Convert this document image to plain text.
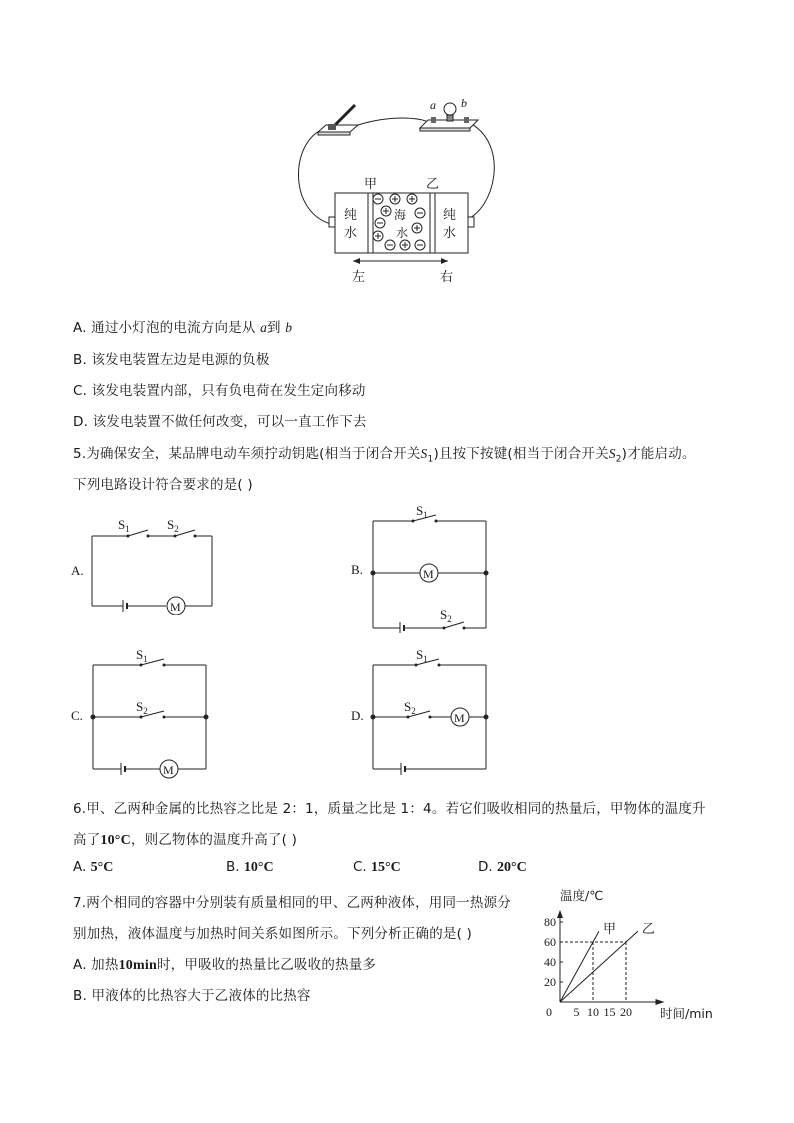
a b
甲	乙
纯
水
纯
水
海
水
左	右
A. 通过小灯泡的电流方向是从 a到 b
B. 该发电装置左边是电源的负极
C. 该发电装置内部，只有负电荷在发生定向移动
D. 该发电装置不做任何改变，可以一直工作下去
5.为确保安全，某品牌电动车须拧动钥匙(相当于闭合开关$S_1$)且按下按键(相当于闭合开关$S_2$)才能启动。
下列电路设计符合要求的是( )
A.
$S_1$	$S_2$
M
B.
$S_1$
M
$S_2$
C.
$S_1$
$S_2$
M
D.
$S_1$
$S_2$	M
6.甲、乙两种金属的比热容之比是 2：1，质量之比是 1：4。若它们吸收相同的热量后，甲物体的温度升
高了10°C，则乙物体的温度升高了( )
A. 5°C	B. 10°C	C. 15°C	D. 20°C
7.两个相同的容器中分别装有质量相同的甲、乙两种液体，用同一热源分
别加热，液体温度与加热时间关系如图所示。下列分析正确的是( )
A. 加热10min时，甲吸收的热量比乙吸收的热量多
B. 甲液体的比热容大于乙液体的比热容
温度/℃
时间/min
20
40
60
80
0 5 10 15 20
甲 乙
